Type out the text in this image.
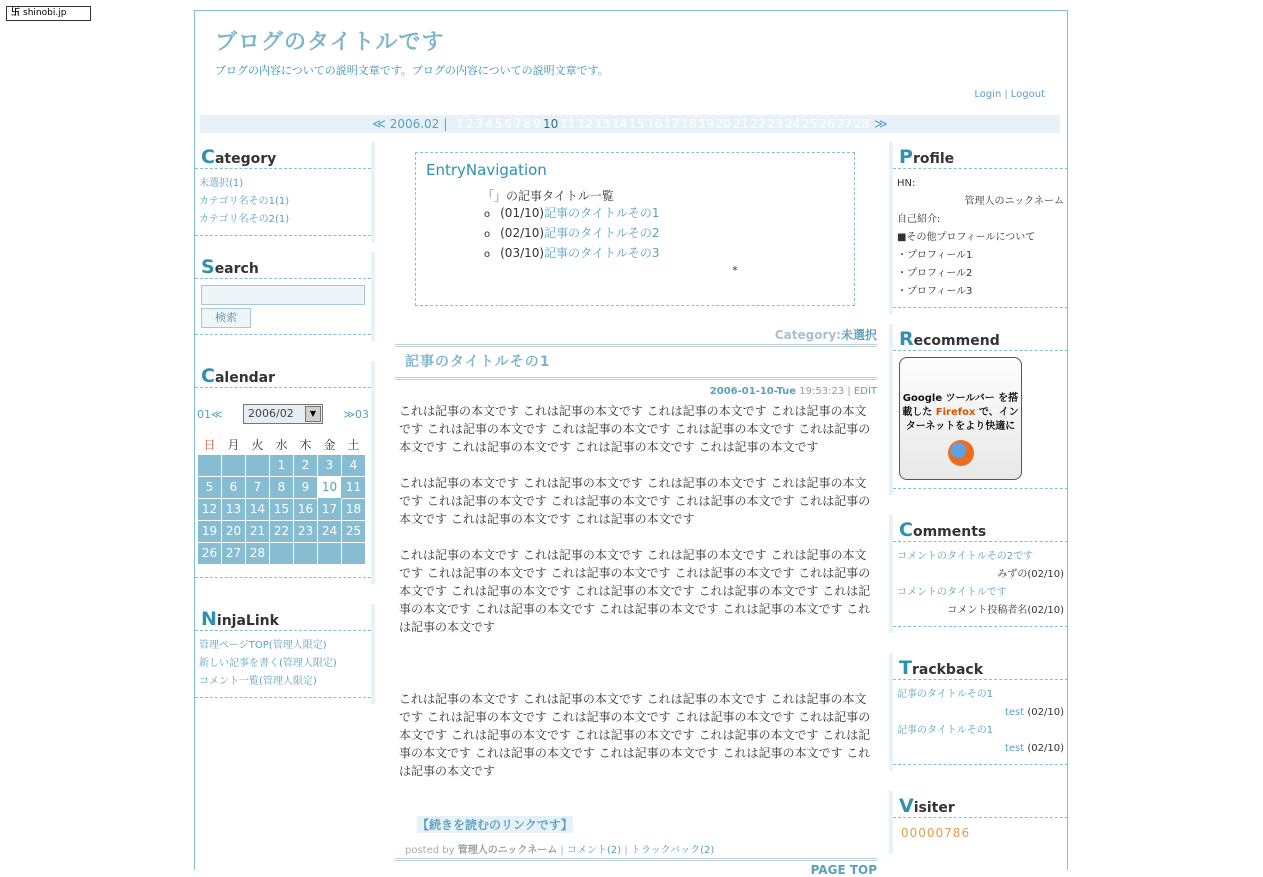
卐 shinobi.jp
ブログのタイトルです
ブログの内容についての説明文章です。ブログの内容についての説明文章です。
Login | Logout
≪ 2006.02 | 1 2 3 4 5 6 7 8 9 10 11 12 13 14 15 16 17 18 19 20 21 22 23 24 25 26 27 28 ≫
Category
未選択(1)
カテゴリ名その1(1)
カテゴリ名その2(1)
Search
検索
Calendar
01≪	2006/02	▼	≫03
日	月	火	水	木	金	土
			1	2	3	4
5	6	7	8	9	10	11
12	13	14	15	16	17	18
19	20	21	22	23	24	25
26	27	28				
NinjaLink
管理ページTOP(管理人限定)
新しい記事を書く(管理人限定)
コメント一覧(管理人限定)
EntryNavigation
「」の記事タイトル一覧
o (01/10)記事のタイトルその1
o (02/10)記事のタイトルその2
o (03/10)記事のタイトルその3
*
Category:未選択
記事のタイトルその1
2006-01-10-Tue 19:53:23 | EDIT

これは記事の本文です これは記事の本文です これは記事の本文です これは記事の本文です これは記事の本文です これは記事の本文です これは記事の本文です これは記事の本文です これは記事の本文です これは記事の本文です これは記事の本文です

これは記事の本文です これは記事の本文です これは記事の本文です これは記事の本文です これは記事の本文です これは記事の本文です これは記事の本文です これは記事の本文です これは記事の本文です これは記事の本文です

これは記事の本文です これは記事の本文です これは記事の本文です これは記事の本文です これは記事の本文です これは記事の本文です これは記事の本文です これは記事の本文です これは記事の本文です これは記事の本文です これは記事の本文です これは記事の本文です これは記事の本文です これは記事の本文です これは記事の本文です これは記事の本文です

これは記事の本文です これは記事の本文です これは記事の本文です これは記事の本文です これは記事の本文です これは記事の本文です これは記事の本文です これは記事の本文です これは記事の本文です これは記事の本文です これは記事の本文です これは記事の本文です これは記事の本文です これは記事の本文です これは記事の本文です これは記事の本文です

【続きを読むのリンクです】
posted by 管理人のニックネーム | コメント(2) | トラックバック(2)
PAGE TOP
Profile
HN:
管理人のニックネーム
自己紹介:
■その他プロフィールについて
・プロフィール1
・プロフィール2
・プロフィール3
Recommend
Google ツールバー を搭
載した Firefox で、イン
ターネットをより快適に
Comments
コメントのタイトルその2です
みずの(02/10)
コメントのタイトルです
コメント投稿者名(02/10)
Trackback
記事のタイトルその1
test (02/10)
記事のタイトルその1
test (02/10)
Visiter
00000786
